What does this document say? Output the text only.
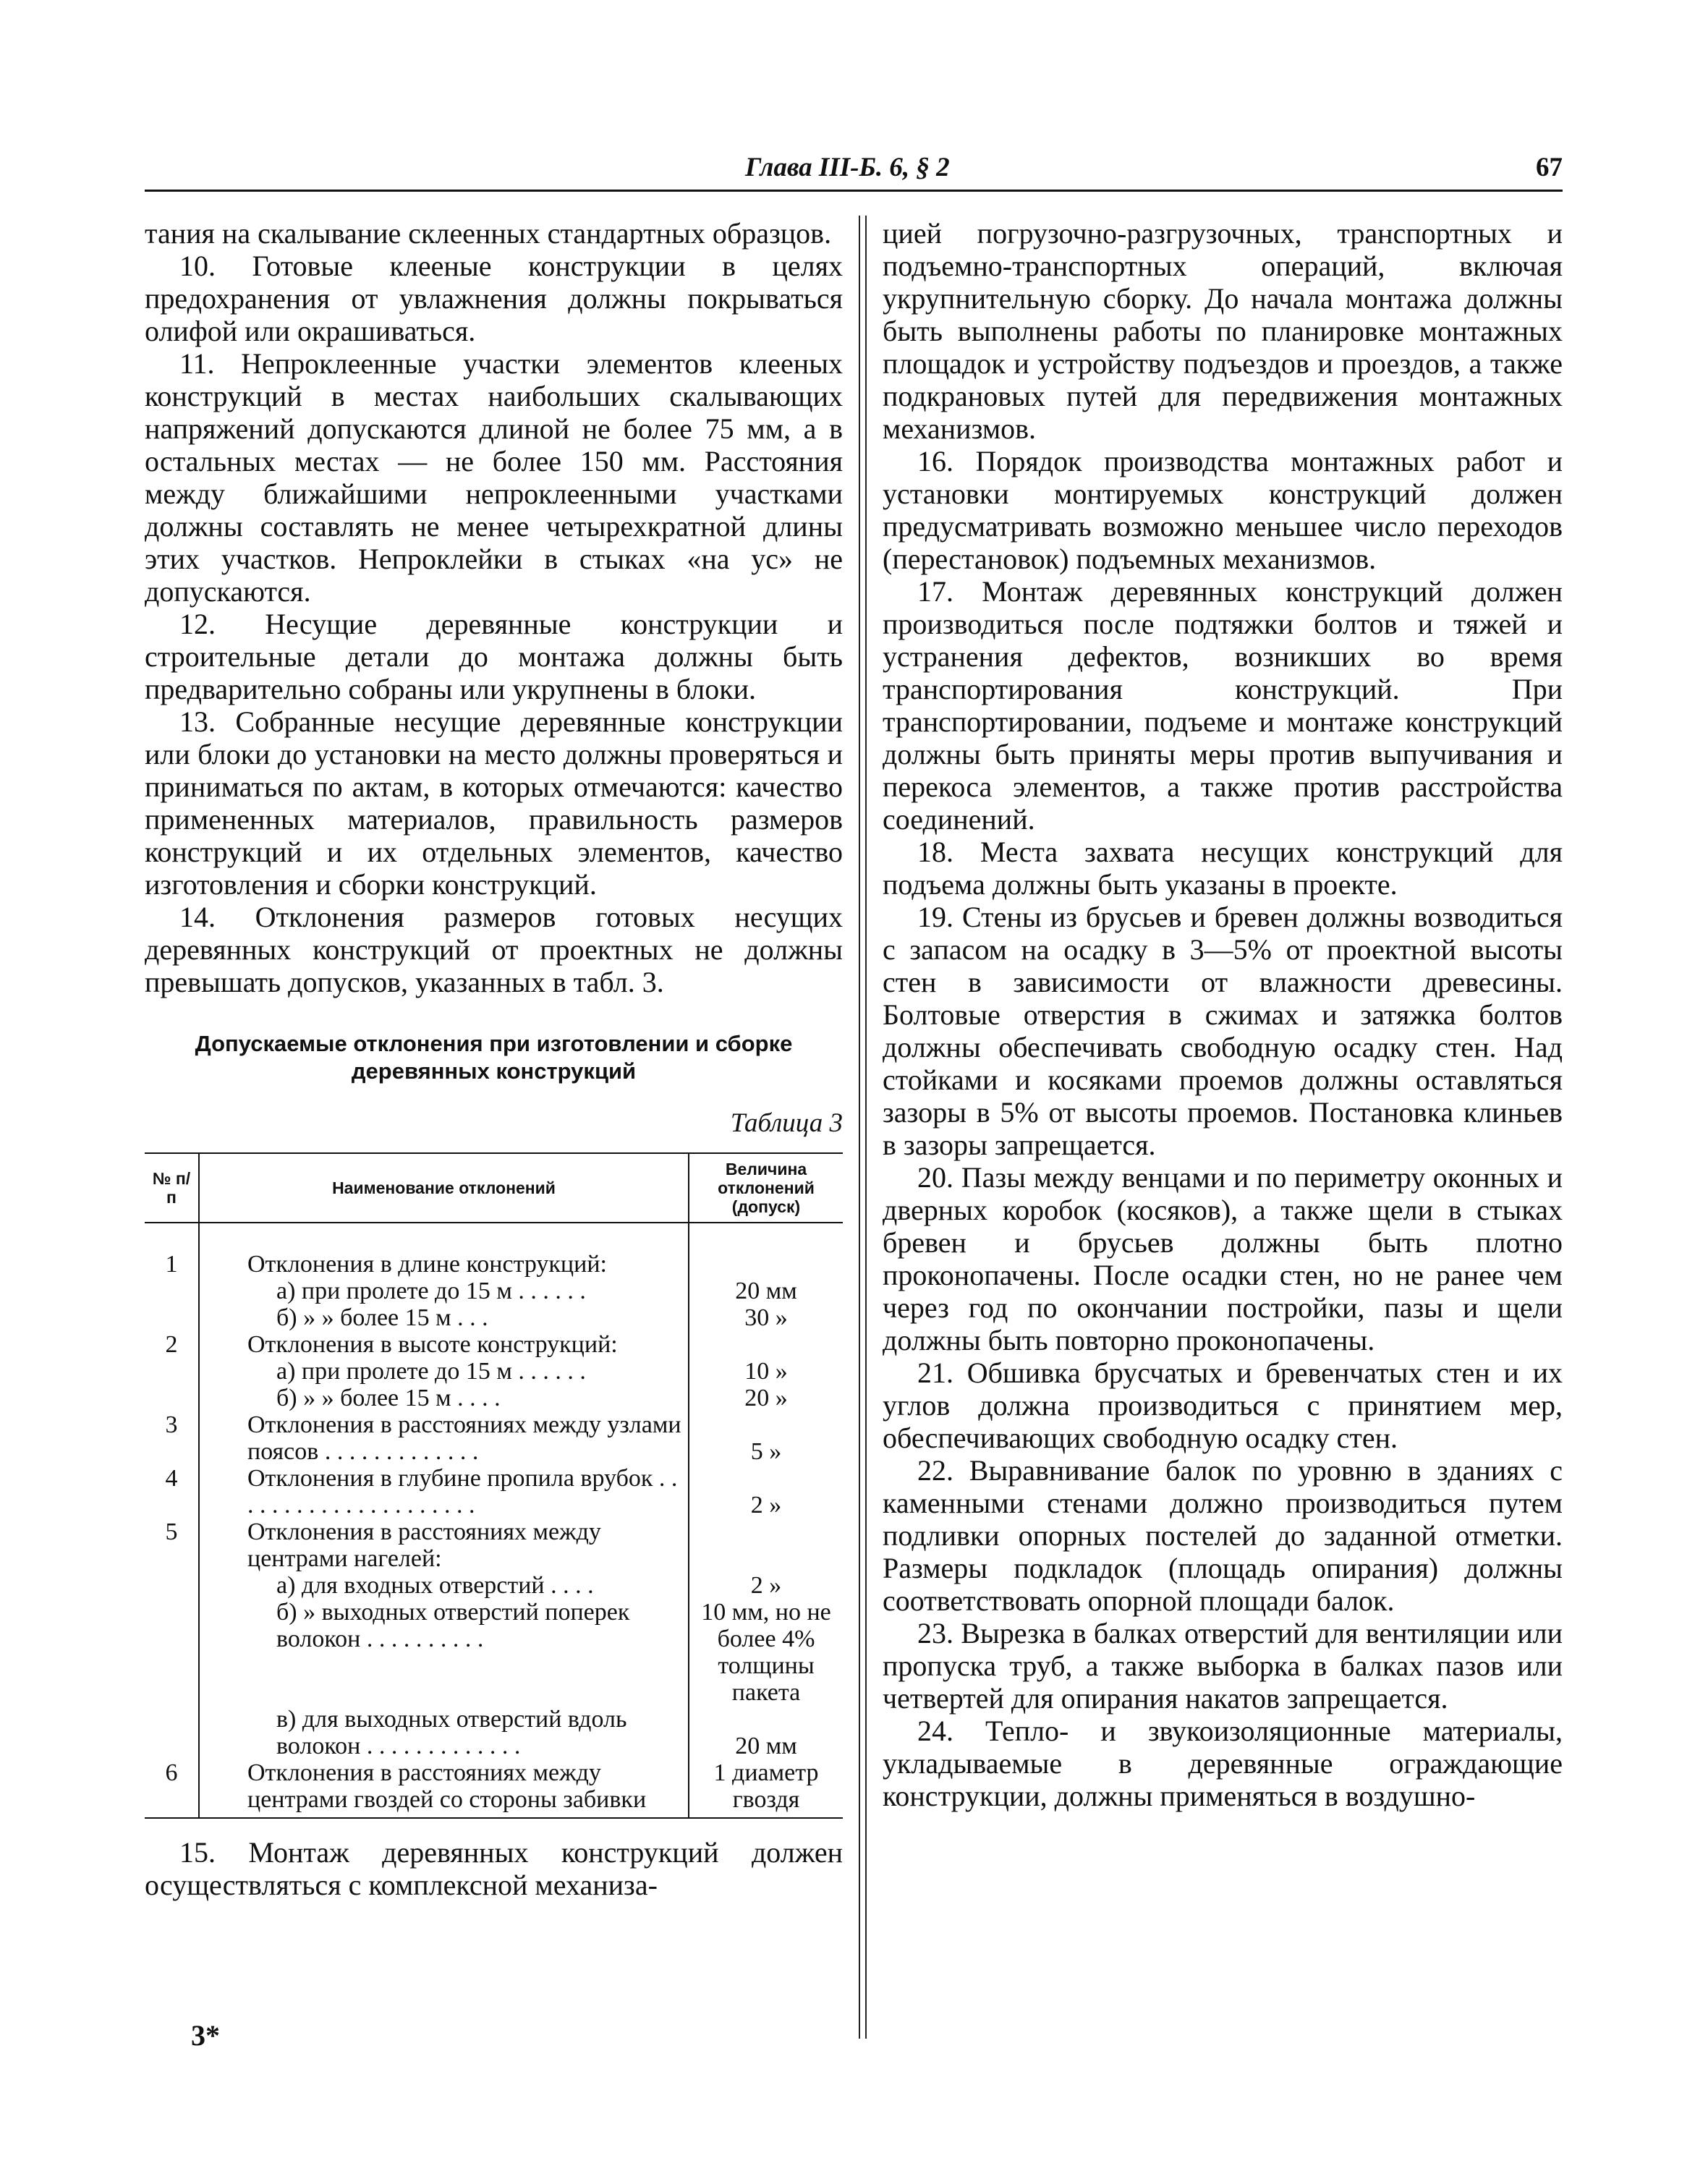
Глава III-Б. 6, § 2	67

тания на скалывание склеенных стандартных образцов.

10. Готовые клееные конструкции в целях предохранения от увлажнения должны покрываться олифой или окрашиваться.

11. Непроклеенные участки элементов клееных конструкций в местах наибольших скалывающих напряжений допускаются длиной не более 75 мм, а в остальных местах — не более 150 мм. Расстояния между ближайшими непроклеенными участками должны составлять не менее четырехкратной длины этих участков. Непроклейки в стыках «на ус» не допускаются.

12. Несущие деревянные конструкции и строительные детали до монтажа должны быть предварительно собраны или укрупнены в блоки.

13. Собранные несущие деревянные конструкции или блоки до установки на место должны проверяться и приниматься по актам, в которых отмечаются: качество примененных материалов, правильность размеров конструкций и их отдельных элементов, качество изготовления и сборки конструкций.

14. Отклонения размеров готовых несущих деревянных конструкций от проектных не должны превышать допусков, указанных в табл. 3.

Допускаемые отклонения при изготовлении и сборке деревянных конструкций
Таблица 3
№ п/п	Наименование отклонений	Величина отклонений (допуск)

1	Отклонения в длине конструкций:	

	а) при пролете до 15 м . . . . . .	20 мм

	б) » » более 15 м . . .	30 »
2	Отклонения в высоте конструкций:	

	а) при пролете до 15 м . . . . . .	10 »

	б) » » более 15 м . . . .	20 »
3	Отклонения в расстояниях между узлами поясов . . . . . . . . . . . . .	5 »
4	Отклонения в глубине пропила врубок . . . . . . . . . . . . . . . . . . . . .	2 »
5	Отклонения в расстояниях между центрами нагелей:	

	а) для входных отверстий . . . .	2 »

	б) » выходных отверстий поперек волокон . . . . . . . . . .	10 мм, но не более 4% толщины пакета

	в) для выходных отверстий вдоль волокон . . . . . . . . . . . . .	20 мм
6	Отклонения в расстояниях между центрами гвоздей со стороны забивки	1 диаметр гвоздя

15. Монтаж деревянных конструкций должен осуществляться с комплексной механиза-

3*

цией погрузочно-разгрузочных, транспортных и подъемно-транспортных операций, включая укрупнительную сборку. До начала монтажа должны быть выполнены работы по планировке монтажных площадок и устройству подъездов и проездов, а также подкрановых путей для передвижения монтажных механизмов.

16. Порядок производства монтажных работ и установки монтируемых конструкций должен предусматривать возможно меньшее число переходов (перестановок) подъемных механизмов.

17. Монтаж деревянных конструкций должен производиться после подтяжки болтов и тяжей и устранения дефектов, возникших во время транспортирования конструкций. При транспортировании, подъеме и монтаже конструкций должны быть приняты меры против выпучивания и перекоса элементов, а также против расстройства соединений.

18. Места захвата несущих конструкций для подъема должны быть указаны в проекте.

19. Стены из брусьев и бревен должны возводиться с запасом на осадку в 3—5% от проектной высоты стен в зависимости от влажности древесины. Болтовые отверстия в сжимах и затяжка болтов должны обеспечивать свободную осадку стен. Над стойками и косяками проемов должны оставляться зазоры в 5% от высоты проемов. Постановка клиньев в зазоры запрещается.

20. Пазы между венцами и по периметру оконных и дверных коробок (косяков), а также щели в стыках бревен и брусьев должны быть плотно проконопачены. После осадки стен, но не ранее чем через год по окончании постройки, пазы и щели должны быть повторно проконопачены.

21. Обшивка брусчатых и бревенчатых стен и их углов должна производиться с принятием мер, обеспечивающих свободную осадку стен.

22. Выравнивание балок по уровню в зданиях с каменными стенами должно производиться путем подливки опорных постелей до заданной отметки. Размеры подкладок (площадь опирания) должны соответствовать опорной площади балок.

23. Вырезка в балках отверстий для вентиляции или пропуска труб, а также выборка в балках пазов или четвертей для опирания накатов запрещается.

24. Тепло- и звукоизоляционные материалы, укладываемые в деревянные ограждающие конструкции, должны применяться в воздушно-
